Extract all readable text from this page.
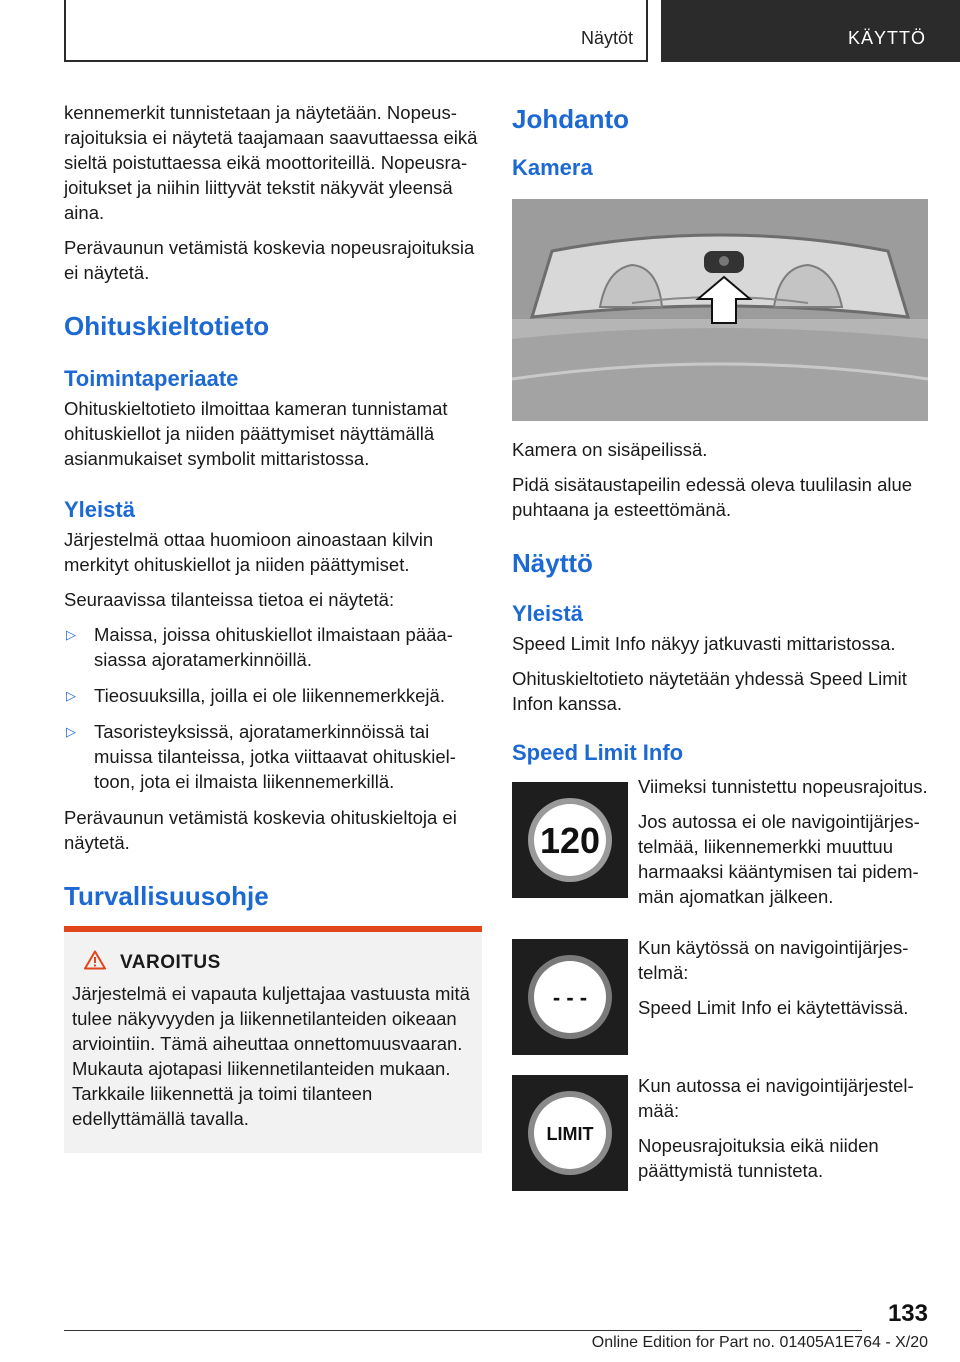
Näytöt	KÄYTTÖ

kennemerkit tunnistetaan ja näytetään. Nopeusrajoituksia ei näytetä taajamaan saavuttaessa eikä sieltä poistuttaessa eikä moottoriteillä. Nopeusrajoitukset ja niihin liittyvät tekstit näkyvät yleensä aina.

Perävaunun vetämistä koskevia nopeusrajoituksia ei näytetä.

Ohituskieltotieto
Toimintaperiaate

Ohituskieltotieto ilmoittaa kameran tunnistamat ohituskiellot ja niiden päättymiset näyttämällä asianmukaiset symbolit mittaristossa.

Yleistä

Järjestelmä ottaa huomioon ainoastaan kilvin merkityt ohituskiellot ja niiden päättymiset.

Seuraavissa tilanteissa tietoa ei näytetä:

▷ Maissa, joissa ohituskiellot ilmaistaan pääasiassa ajoratamerkinnöillä.
▷ Tieosuuksilla, joilla ei ole liikennemerkkejä.
▷ Tasoristeyksissä, ajoratamerkinnöissä tai muissa tilanteissa, jotka viittaavat ohituskieltoon, jota ei ilmaista liikennemerkillä.

Perävaunun vetämistä koskevia ohituskieltoja ei näytetä.

Turvallisuusohje
VAROITUS

Järjestelmä ei vapauta kuljettajaa vastuusta mitä tulee näkyvyyden ja liikennetilanteiden oikeaan arviointiin. Tämä aiheuttaa onnettomuusvaaran. Mukauta ajotapasi liikennetilanteiden mukaan. Tarkkaile liikennettä ja toimi tilanteen edellyttämällä tavalla.

Johdanto
Kamera

Kamera on sisäpeilissä.

Pidä sisätaustapeilin edessä oleva tuulilasin alue puhtaana ja esteettömänä.

Näyttö
Yleistä

Speed Limit Info näkyy jatkuvasti mittaristossa.

Ohituskieltotieto näytetään yhdessä Speed Limit Infon kanssa.

Speed Limit Info
120

Viimeksi tunnistettu nopeusrajoitus.

Jos autossa ei ole navigointijärjestelmää, liikennemerkki muuttuu harmaaksi kääntymisen tai pidemmän ajomatkan jälkeen.

- - -

Kun käytössä on navigointijärjestelmä:

Speed Limit Info ei käytettävissä.

LIMIT

Kun autossa ei navigointijärjestelmää:

Nopeusrajoituksia eikä niiden päättymistä tunnisteta.

133
Online Edition for Part no. 01405A1E764 - X/20
